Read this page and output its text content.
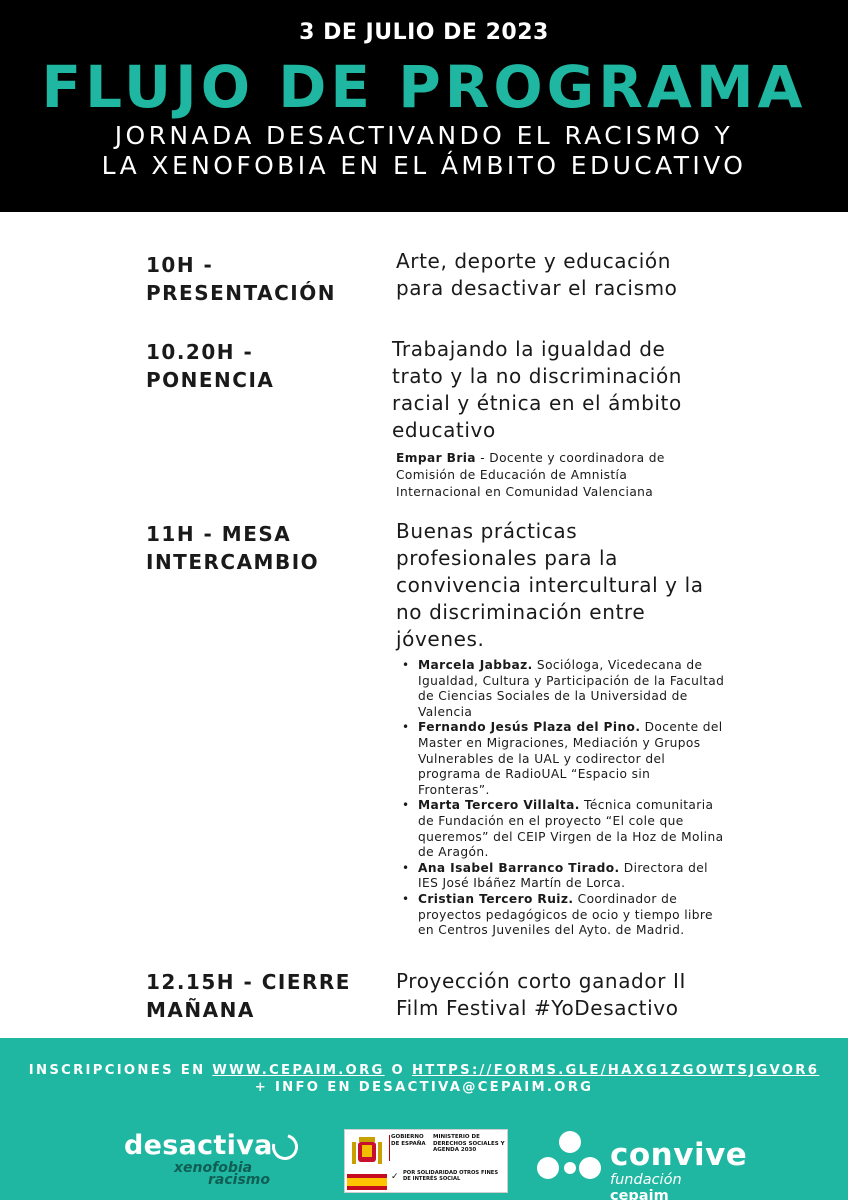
3 DE JULIO DE 2023
FLUJO DE PROGRAMA
JORNADA DESACTIVANDO EL RACISMO Y
LA XENOFOBIA EN EL ÁMBITO EDUCATIVO
10H -
PRESENTACIÓN
Arte, deporte y educación
para desactivar el racismo
10.20H -
PONENCIA
Trabajando la igualdad de
trato y la no discriminación
racial y étnica en el ámbito
educativo
Empar Bria - Docente y coordinadora de Comisión de Educación de Amnistía Internacional en Comunidad Valenciana
11H - MESA
INTERCAMBIO
Buenas prácticas
profesionales para la
convivencia intercultural y la
no discriminación entre
jóvenes.
• Marcela Jabbaz. Socióloga, Vicedecana de Igualdad, Cultura y Participación de la Facultad de Ciencias Sociales de la Universidad de Valencia
• Fernando Jesús Plaza del Pino. Docente del Master en Migraciones, Mediación y Grupos Vulnerables de la UAL y codirector del programa de RadioUAL “Espacio sin Fronteras”.
• Marta Tercero Villalta. Técnica comunitaria de Fundación en el proyecto “El cole que queremos” del CEIP Virgen de la Hoz de Molina de Aragón.
• Ana Isabel Barranco Tirado. Directora del IES José Ibáñez Martín de Lorca.
• Cristian Tercero Ruiz. Coordinador de proyectos pedagógicos de ocio y tiempo libre en Centros Juveniles del Ayto. de Madrid.
12.15H - CIERRE
MAÑANA
Proyección corto ganador II
Film Festival #YoDesactivo
INSCRIPCIONES EN WWW.CEPAIM.ORG O HTTPS://FORMS.GLE/HAXG1ZGOWTSJGVOR6
+ INFO EN DESACTIVA@CEPAIM.ORG
desactiva
xenofobia
racismo
GOBIERNO DE ESPAÑA
MINISTERIO DE DERECHOS SOCIALES Y AGENDA 2030
✓ POR SOLIDARIDAD OTROS FINES DE INTERÉS SOCIAL
convive
fundación cepaim
